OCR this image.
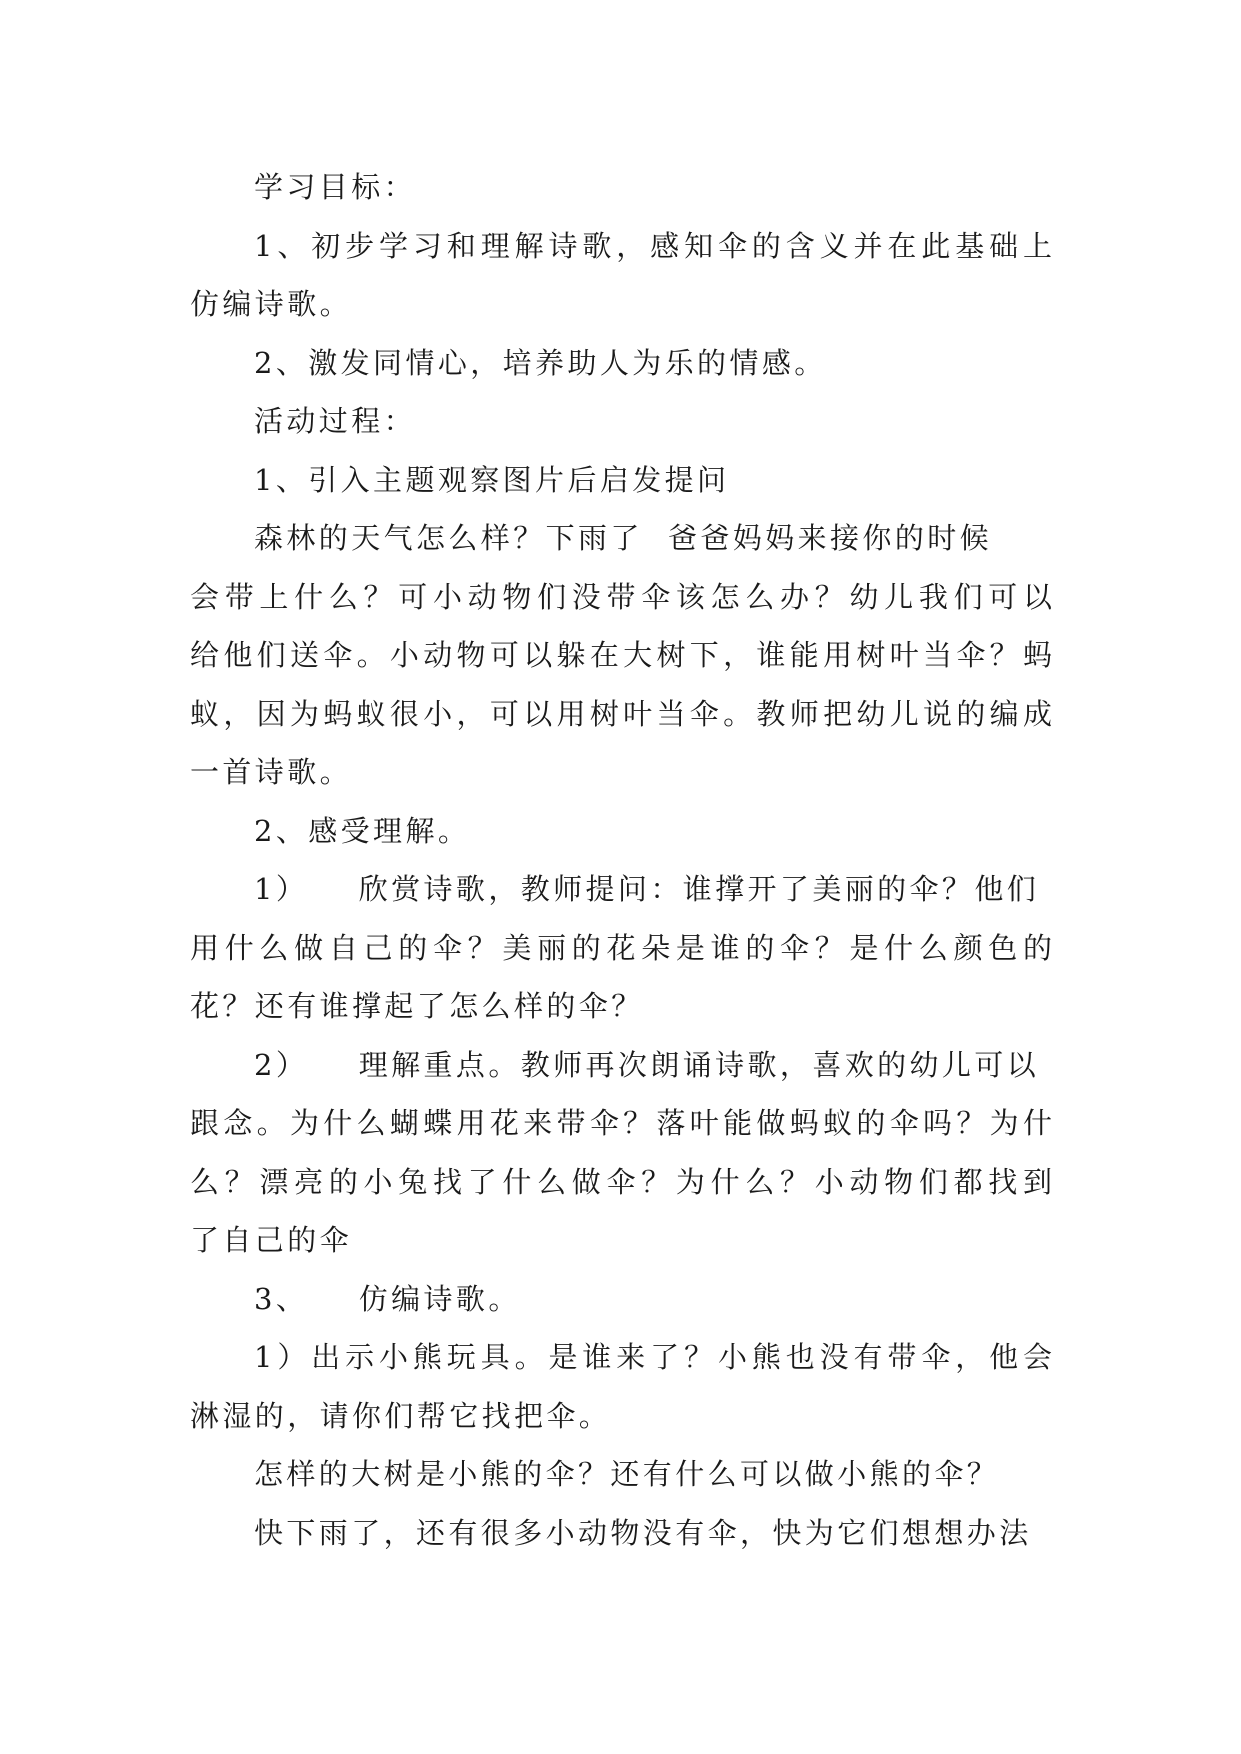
学习目标：
1、初步学习和理解诗歌，感知伞的含义并在此基础上
仿编诗歌。
2、激发同情心，培养助人为乐的情感。
活动过程：
1、引入主题观察图片后启发提问
森林的天气怎么样？下雨了  爸爸妈妈来接你的时候
会带上什么？可小动物们没带伞该怎么办？幼儿我们可以
给他们送伞。小动物可以躲在大树下，谁能用树叶当伞？蚂
蚁，因为蚂蚁很小，可以用树叶当伞。教师把幼儿说的编成
一首诗歌。
2、感受理解。
1）    欣赏诗歌，教师提问：谁撑开了美丽的伞？他们
用什么做自己的伞？美丽的花朵是谁的伞？是什么颜色的
花？还有谁撑起了怎么样的伞？
2）    理解重点。教师再次朗诵诗歌，喜欢的幼儿可以
跟念。为什么蝴蝶用花来带伞？落叶能做蚂蚁的伞吗？为什
么？漂亮的小兔找了什么做伞？为什么？小动物们都找到
了自己的伞
3、    仿编诗歌。
1）出示小熊玩具。是谁来了？小熊也没有带伞，他会
淋湿的，请你们帮它找把伞。
怎样的大树是小熊的伞？还有什么可以做小熊的伞？
快下雨了，还有很多小动物没有伞，快为它们想想办法
